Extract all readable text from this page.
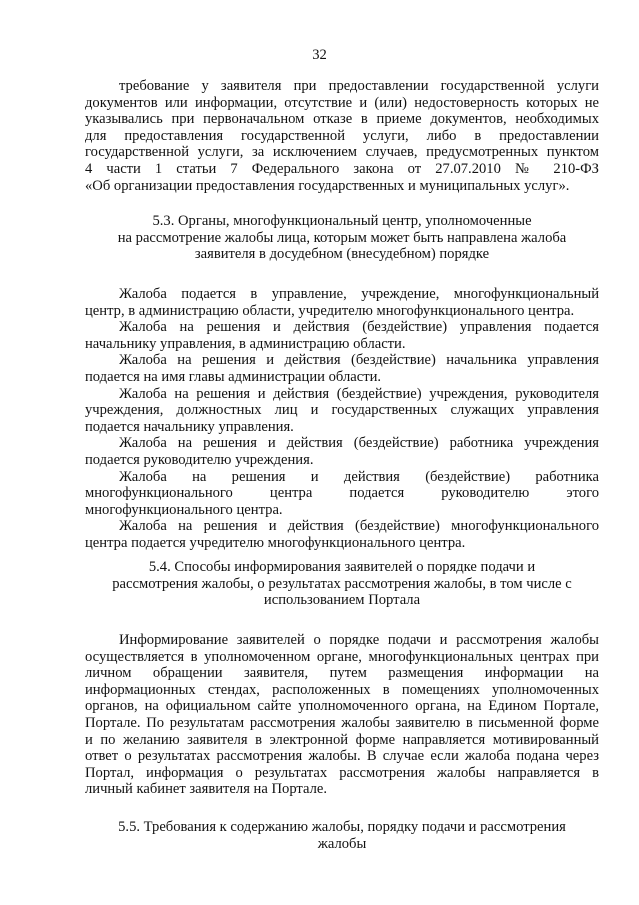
32

требование у заявителя при предоставлении государственной услуги
документов или информации, отсутствие и (или) недостоверность которых не
указывались при первоначальном отказе в приеме документов, необходимых
для предоставления государственной услуги, либо в предоставлении
государственной услуги, за исключением случаев, предусмотренных пунктом
4 части 1 статьи 7 Федерального закона от 27.07.2010 № 210-ФЗ
«Об организации предоставления государственных и муниципальных услуг».

5.3. Органы, многофункциональный центр, уполномоченные
на рассмотрение жалобы лица, которым может быть направлена жалоба
заявителя в досудебном (внесудебном) порядке

Жалоба подается в управление, учреждение, многофункциональный
центр, в администрацию области, учредителю многофункционального центра.

Жалоба на решения и действия (бездействие) управления подается
начальнику управления, в администрацию области.

Жалоба на решения и действия (бездействие) начальника управления
подается на имя главы администрации области.

Жалоба на решения и действия (бездействие) учреждения, руководителя
учреждения, должностных лиц и государственных служащих управления
подается начальнику управления.

Жалоба на решения и действия (бездействие) работника учреждения
подается руководителю учреждения.

Жалоба на решения и действия (бездействие) работника
многофункционального центра подается руководителю этого
многофункционального центра.

Жалоба на решения и действия (бездействие) многофункционального
центра подается учредителю многофункционального центра.

5.4. Способы информирования заявителей о порядке подачи и
рассмотрения жалобы, о результатах рассмотрения жалобы, в том числе с
использованием Портала

Информирование заявителей о порядке подачи и рассмотрения жалобы
осуществляется в уполномоченном органе, многофункциональных центрах при
личном обращении заявителя, путем размещения информации на
информационных стендах, расположенных в помещениях уполномоченных
органов, на официальном сайте уполномоченного органа, на Едином Портале,
Портале. По результатам рассмотрения жалобы заявителю в письменной форме
и по желанию заявителя в электронной форме направляется мотивированный
ответ о результатах рассмотрения жалобы. В случае если жалоба подана через
Портал, информация о результатах рассмотрения жалобы направляется в
личный кабинет заявителя на Портале.

5.5. Требования к содержанию жалобы, порядку подачи и рассмотрения
жалобы
